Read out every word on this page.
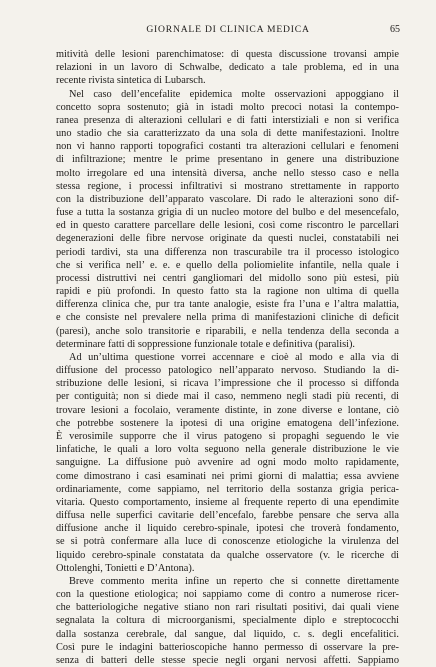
GIORNALE DI CLINICA MEDICA	65
mitività delle lesioni parenchimatose: di questa discussione trovansi ampie
relazioni in un lavoro di Schwalbe, dedicato a tale problema, ed in una
recente rivista sintetica di Lubarsch.
Nel caso dell’encefalite epidemica molte osservazioni appoggiano il
concetto sopra sostenuto; già in istadi molto precoci notasi la contempo-
ranea presenza di alterazioni cellulari e di fatti interstiziali e non si verifica
uno stadio che sia caratterizzato da una sola di dette manifestazioni. Inoltre
non vi hanno rapporti topografici costanti tra alterazioni cellulari e fenomeni
di infiltrazione; mentre le prime presentano in genere una distribuzione
molto irregolare ed una intensità diversa, anche nello stesso caso e nella
stessa regione, i processi infiltrativi si mostrano strettamente in rapporto
con la distribuzione dell’apparato vascolare. Di rado le alterazioni sono dif-
fuse a tutta la sostanza grigia di un nucleo motore del bulbo e del mesencefalo,
ed in questo carattere parcellare delle lesioni, così come riscontro le parcellari
degenerazioni delle fibre nervose originate da questi nuclei, constatabili nei
periodi tardivi, sta una differenza non trascurabile tra il processo istologico
che si verifica nell’ e. e. e quello della poliomielite infantile, nella quale i
processi distruttivi nei centri gangliomari del midollo sono più estesi, più
rapidi e più profondi. In questo fatto sta la ragione non ultima di quella
differenza clinica che, pur tra tante analogie, esiste fra l’una e l’altra malattia,
e che consiste nel prevalere nella prima di manifestazioni cliniche di deficit
(paresi), anche solo transitorie e riparabili, e nella tendenza della seconda a
determinare fatti di soppressione funzionale totale e definitiva (paralisi).
Ad un’ultima questione vorrei accennare e cioè al modo e alla via di
diffusione del processo patologico nell’apparato nervoso. Studiando la di-
stribuzione delle lesioni, si ricava l’impressione che il processo si diffonda
per contiguità; non si diede mai il caso, nemmeno negli stadi più recenti, di
trovare lesioni a focolaio, veramente distinte, in zone diverse e lontane, ciò
che potrebbe sostenere la ipotesi di una origine ematogena dell’infezione.
È verosimile supporre che il virus patogeno si propaghi seguendo le vie
linfatiche, le quali a loro volta seguono nella generale distribuzione le vie
sanguigne. La diffusione può avvenire ad ogni modo molto rapidamente,
come dimostrano i casi esaminati nei primi giorni di malattia; essa avviene
ordinariamente, come sappiamo, nel territorio della sostanza grigia perica-
vitaria. Questo comportamento, insieme al frequente reperto di una ependimite
diffusa nelle superfici cavitarie dell’encefalo, farebbe pensare che serva alla
diffusione anche il liquido cerebro-spinale, ipotesi che troverà fondamento,
se si potrà confermare alla luce di conoscenze etiologiche la virulenza del
liquido cerebro-spinale constatata da qualche osservatore (v. le ricerche di
Ottolenghi, Tonietti e D’Antona).
Breve commento merita infine un reperto che si connette direttamente
con la questione etiologica; noi sappiamo come di contro a numerose ricer-
che batteriologiche negative stiano non rari risultati positivi, dai quali viene
segnalata la coltura di microorganismi, specialmente diplo e streptococchi
dalla sostanza cerebrale, dal sangue, dal liquido, c. s. degli encefalitici.
Così pure le indagini batterioscopiche hanno permesso di osservare la pre-
senza di batteri delle stesse specie negli organi nervosi affetti. Sappiamo
